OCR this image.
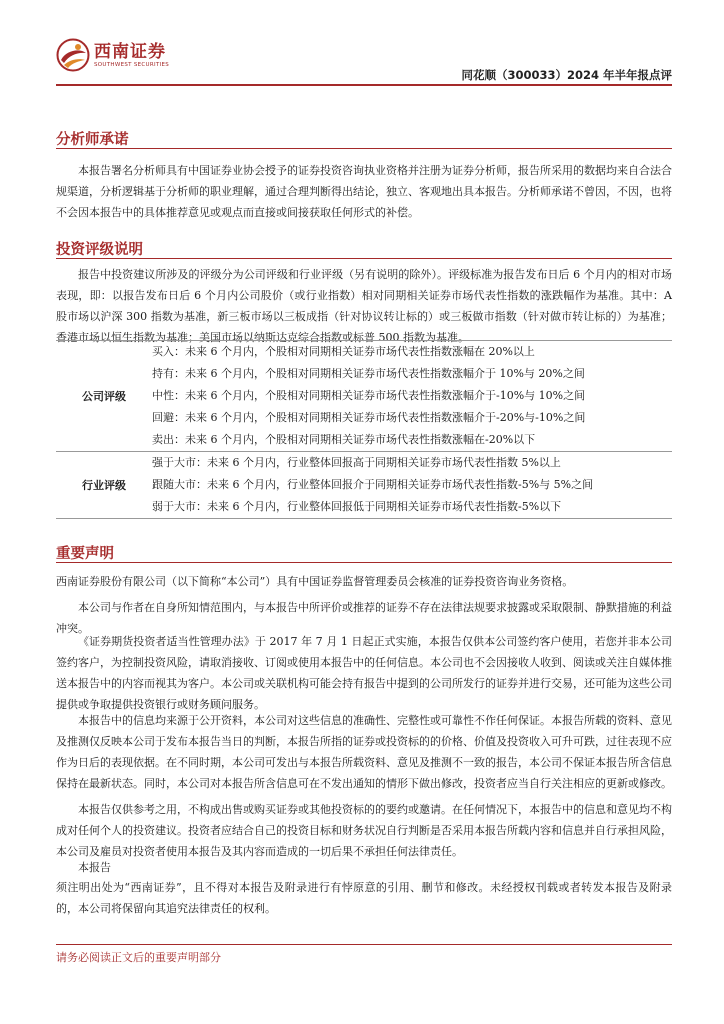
西南证券
SOUTHWEST SECURITIES
同花顺（300033）2024 年半年报点评
分析师承诺
本报告署名分析师具有中国证券业协会授予的证券投资咨询执业资格并注册为证券分析师，报告所采用的数据均来自合法合规渠道，分析逻辑基于分析师的职业理解，通过合理判断得出结论，独立、客观地出具本报告。分析师承诺不曾因，不因，也将不会因本报告中的具体推荐意见或观点而直接或间接获取任何形式的补偿。
投资评级说明
报告中投资建议所涉及的评级分为公司评级和行业评级（另有说明的除外）。评级标准为报告发布日后 6 个月内的相对市场表现，即：以报告发布日后 6 个月内公司股价（或行业指数）相对同期相关证券市场代表性指数的涨跌幅作为基准。其中：A 股市场以沪深 300 指数为基准，新三板市场以三板成指（针对协议转让标的）或三板做市指数（针对做市转让标的）为基准；香港市场以恒生指数为基准；美国市场以纳斯达克综合指数或标普 500 指数为基准。
公司评级
买入：未来 6 个月内，个股相对同期相关证券市场代表性指数涨幅在 20%以上
持有：未来 6 个月内，个股相对同期相关证券市场代表性指数涨幅介于 10%与 20%之间
中性：未来 6 个月内，个股相对同期相关证券市场代表性指数涨幅介于-10%与 10%之间
回避：未来 6 个月内，个股相对同期相关证券市场代表性指数涨幅介于-20%与-10%之间
卖出：未来 6 个月内，个股相对同期相关证券市场代表性指数涨幅在-20%以下
行业评级
强于大市：未来 6 个月内，行业整体回报高于同期相关证券市场代表性指数 5%以上
跟随大市：未来 6 个月内，行业整体回报介于同期相关证券市场代表性指数-5%与 5%之间
弱于大市：未来 6 个月内，行业整体回报低于同期相关证券市场代表性指数-5%以下
重要声明
西南证券股份有限公司（以下简称“本公司”）具有中国证券监督管理委员会核准的证券投资咨询业务资格。
本公司与作者在自身所知情范围内，与本报告中所评价或推荐的证券不存在法律法规要求披露或采取限制、静默措施的利益冲突。
《证券期货投资者适当性管理办法》于 2017 年 7 月 1 日起正式实施，本报告仅供本公司签约客户使用，若您并非本公司签约客户，为控制投资风险，请取消接收、订阅或使用本报告中的任何信息。本公司也不会因接收人收到、阅读或关注自媒体推送本报告中的内容而视其为客户。本公司或关联机构可能会持有报告中提到的公司所发行的证券并进行交易，还可能为这些公司提供或争取提供投资银行或财务顾问服务。
本报告中的信息均来源于公开资料，本公司对这些信息的准确性、完整性或可靠性不作任何保证。本报告所载的资料、意见及推测仅反映本公司于发布本报告当日的判断，本报告所指的证券或投资标的的价格、价值及投资收入可升可跌，过往表现不应作为日后的表现依据。在不同时期，本公司可发出与本报告所载资料、意见及推测不一致的报告，本公司不保证本报告所含信息保持在最新状态。同时，本公司对本报告所含信息可在不发出通知的情形下做出修改，投资者应当自行关注相应的更新或修改。
本报告仅供参考之用，不构成出售或购买证券或其他投资标的的要约或邀请。在任何情况下，本报告中的信息和意见均不构成对任何个人的投资建议。投资者应结合自己的投资目标和财务状况自行判断是否采用本报告所载内容和信息并自行承担风险，本公司及雇员对投资者使用本报告及其内容而造成的一切后果不承担任何法律责任。
本报告
须注明出处为“西南证券”，且不得对本报告及附录进行有悖原意的引用、删节和修改。未经授权刊载或者转发本报告及附录的，本公司将保留向其追究法律责任的权利。
请务必阅读正文后的重要声明部分
